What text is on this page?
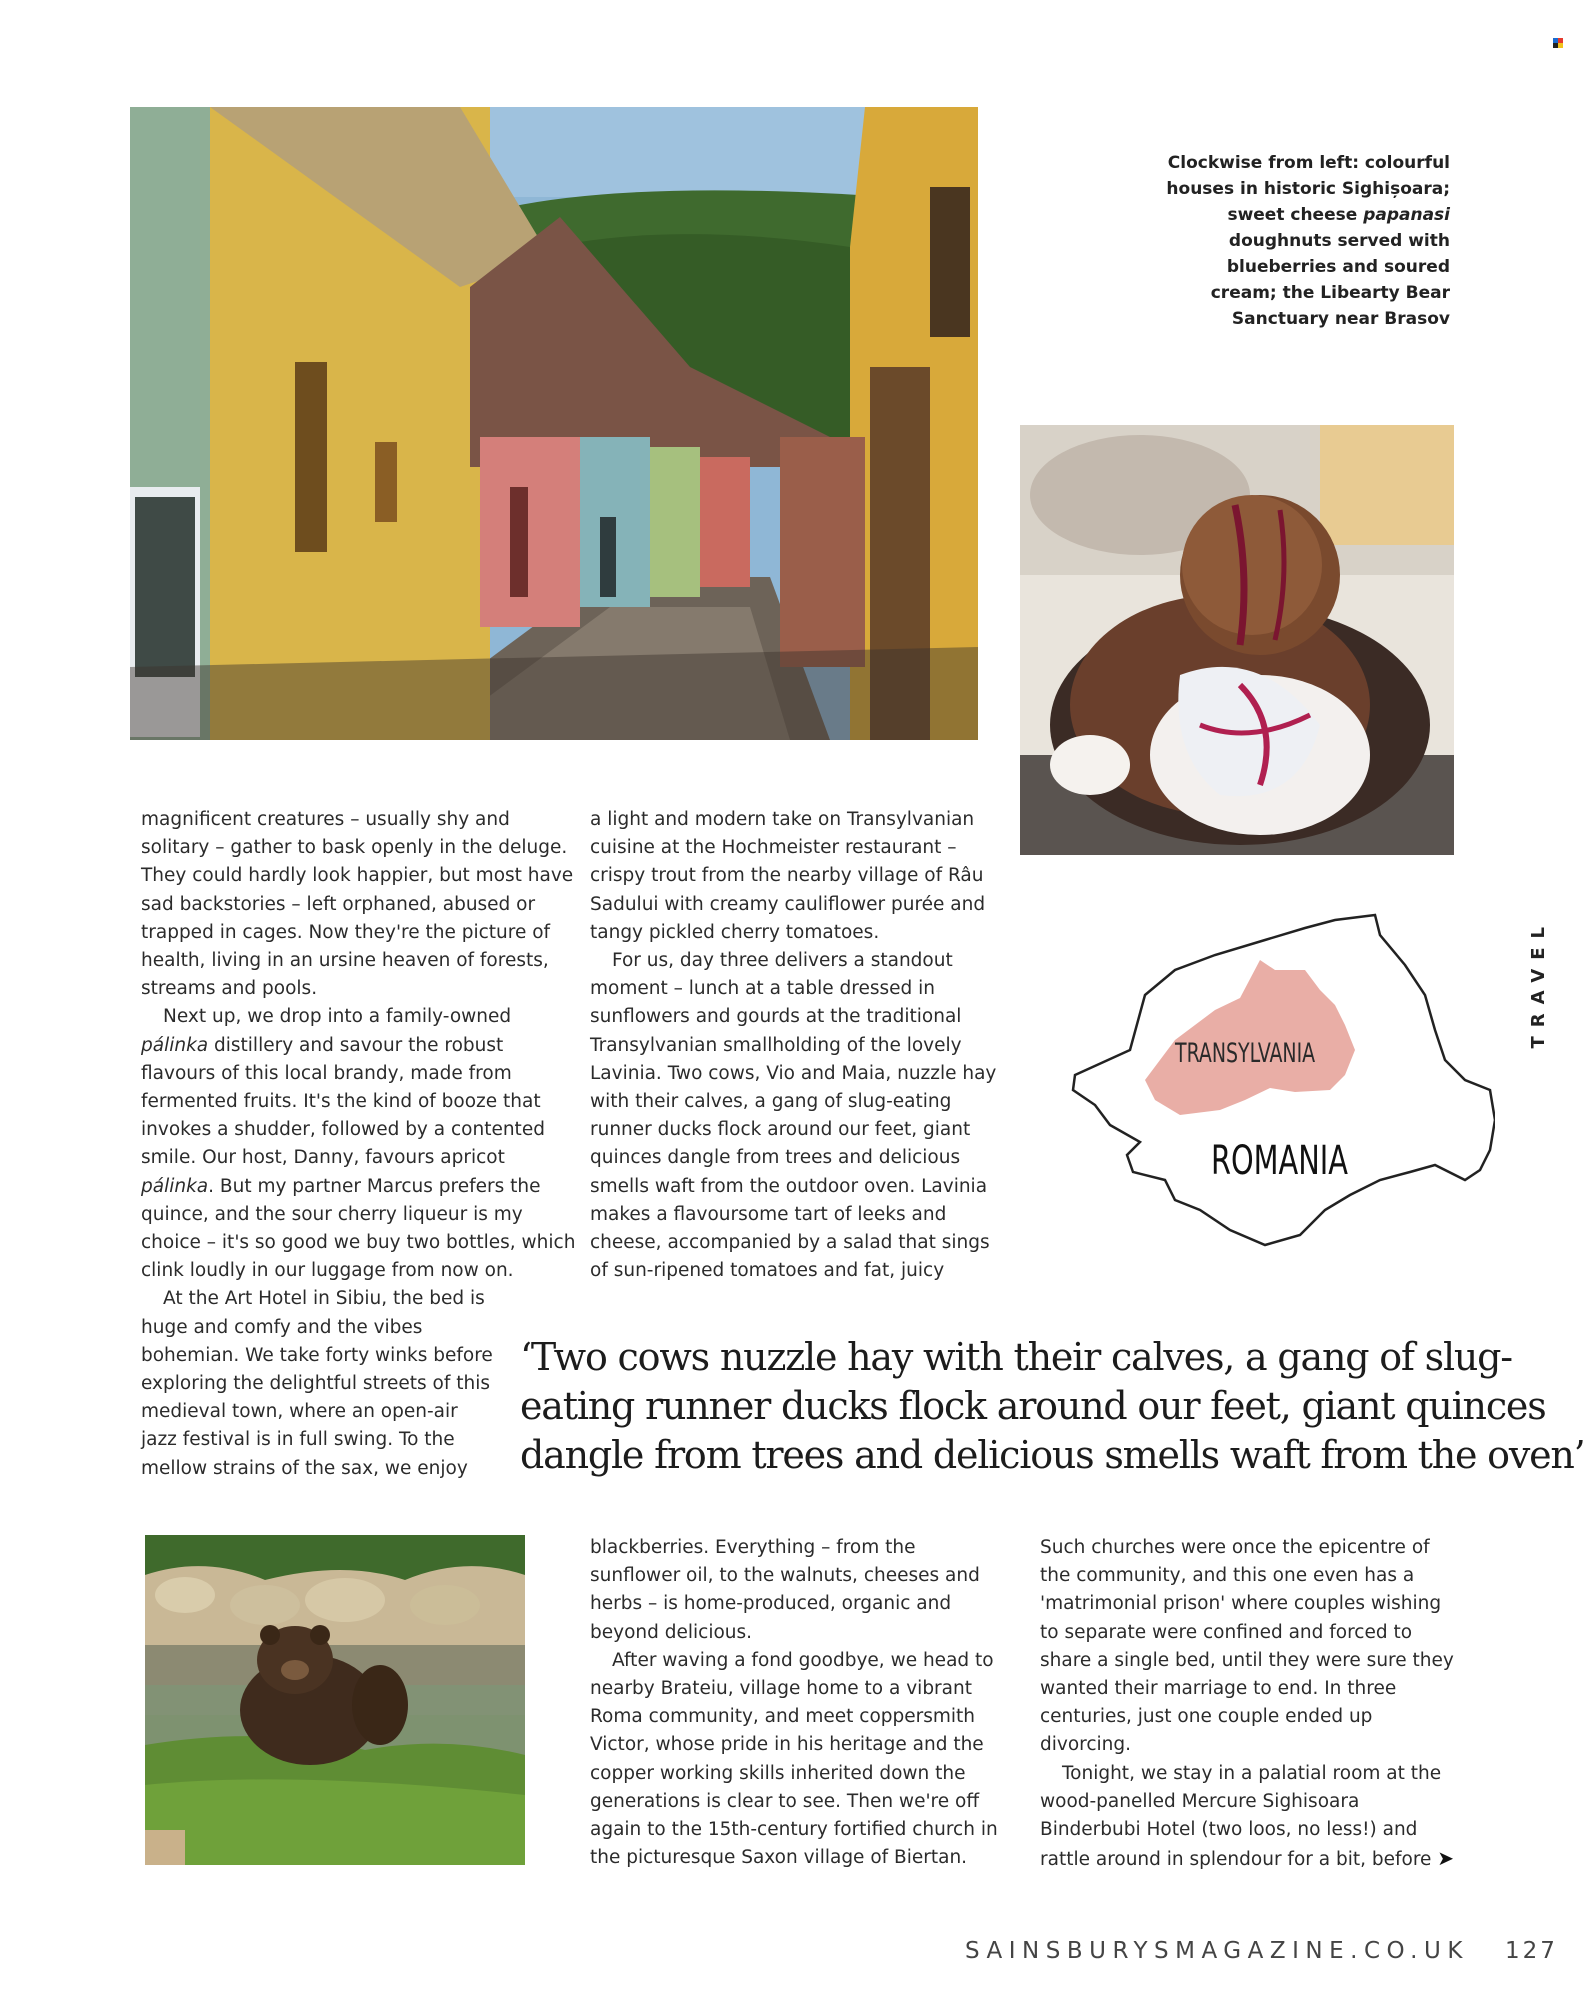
Clockwise from left: colourful
houses in historic Sighișoara;
sweet cheese papanasi
doughnuts served with
blueberries and soured
cream; the Libearty Bear
Sanctuary near Brasov
TRANSYLVANIA
ROMANIA
TRAVEL

magnificent creatures – usually shy and solitary – gather to bask openly in the deluge. They could hardly look happier, but most have sad backstories – left orphaned, abused or trapped in cages. Now they're the picture of health, living in an ursine heaven of forests, streams and pools.

Next up, we drop into a family-owned pálinka distillery and savour the robust flavours of this local brandy, made from fermented fruits. It's the kind of booze that invokes a shudder, followed by a contented smile. Our host, Danny, favours apricot pálinka. But my partner Marcus prefers the quince, and the sour cherry liqueur is my choice – it's so good we buy two bottles, which clink loudly in our luggage from now on.

At the Art Hotel in Sibiu, the bed is huge and comfy and the vibes bohemian. We take forty winks before exploring the delightful streets of this medieval town, where an open-air jazz festival is in full swing. To the mellow strains of the sax, we enjoy

a light and modern take on Transylvanian cuisine at the Hochmeister restaurant – crispy trout from the nearby village of Râu Sadului with creamy cauliflower purée and tangy pickled cherry tomatoes.

For us, day three delivers a standout moment – lunch at a table dressed in sunflowers and gourds at the traditional Transylvanian smallholding of the lovely Lavinia. Two cows, Vio and Maia, nuzzle hay with their calves, a gang of slug-eating runner ducks flock around our feet, giant quinces dangle from trees and delicious smells waft from the outdoor oven. Lavinia makes a flavoursome tart of leeks and cheese, accompanied by a salad that sings of sun-ripened tomatoes and fat, juicy

‘Two cows nuzzle hay with their calves, a gang of slug-
eating runner ducks flock around our feet, giant quinces
dangle from trees and delicious smells waft from the oven’

blackberries. Everything – from the sunflower oil, to the walnuts, cheeses and herbs – is home-produced, organic and beyond delicious.

After waving a fond goodbye, we head to nearby Brateiu, village home to a vibrant Roma community, and meet coppersmith Victor, whose pride in his heritage and the copper working skills inherited down the generations is clear to see. Then we're off again to the 15th-century fortified church in the picturesque Saxon village of Biertan.

Such churches were once the epicentre of the community, and this one even has a 'matrimonial prison' where couples wishing to separate were confined and forced to share a single bed, until they were sure they wanted their marriage to end. In three centuries, just one couple ended up divorcing.

Tonight, we stay in a palatial room at the wood-panelled Mercure Sighisoara Binderbubi Hotel (two loos, no less!) and rattle around in splendour for a bit, before ➤

SAINSBURYSMAGAZINE.CO.UK 127
